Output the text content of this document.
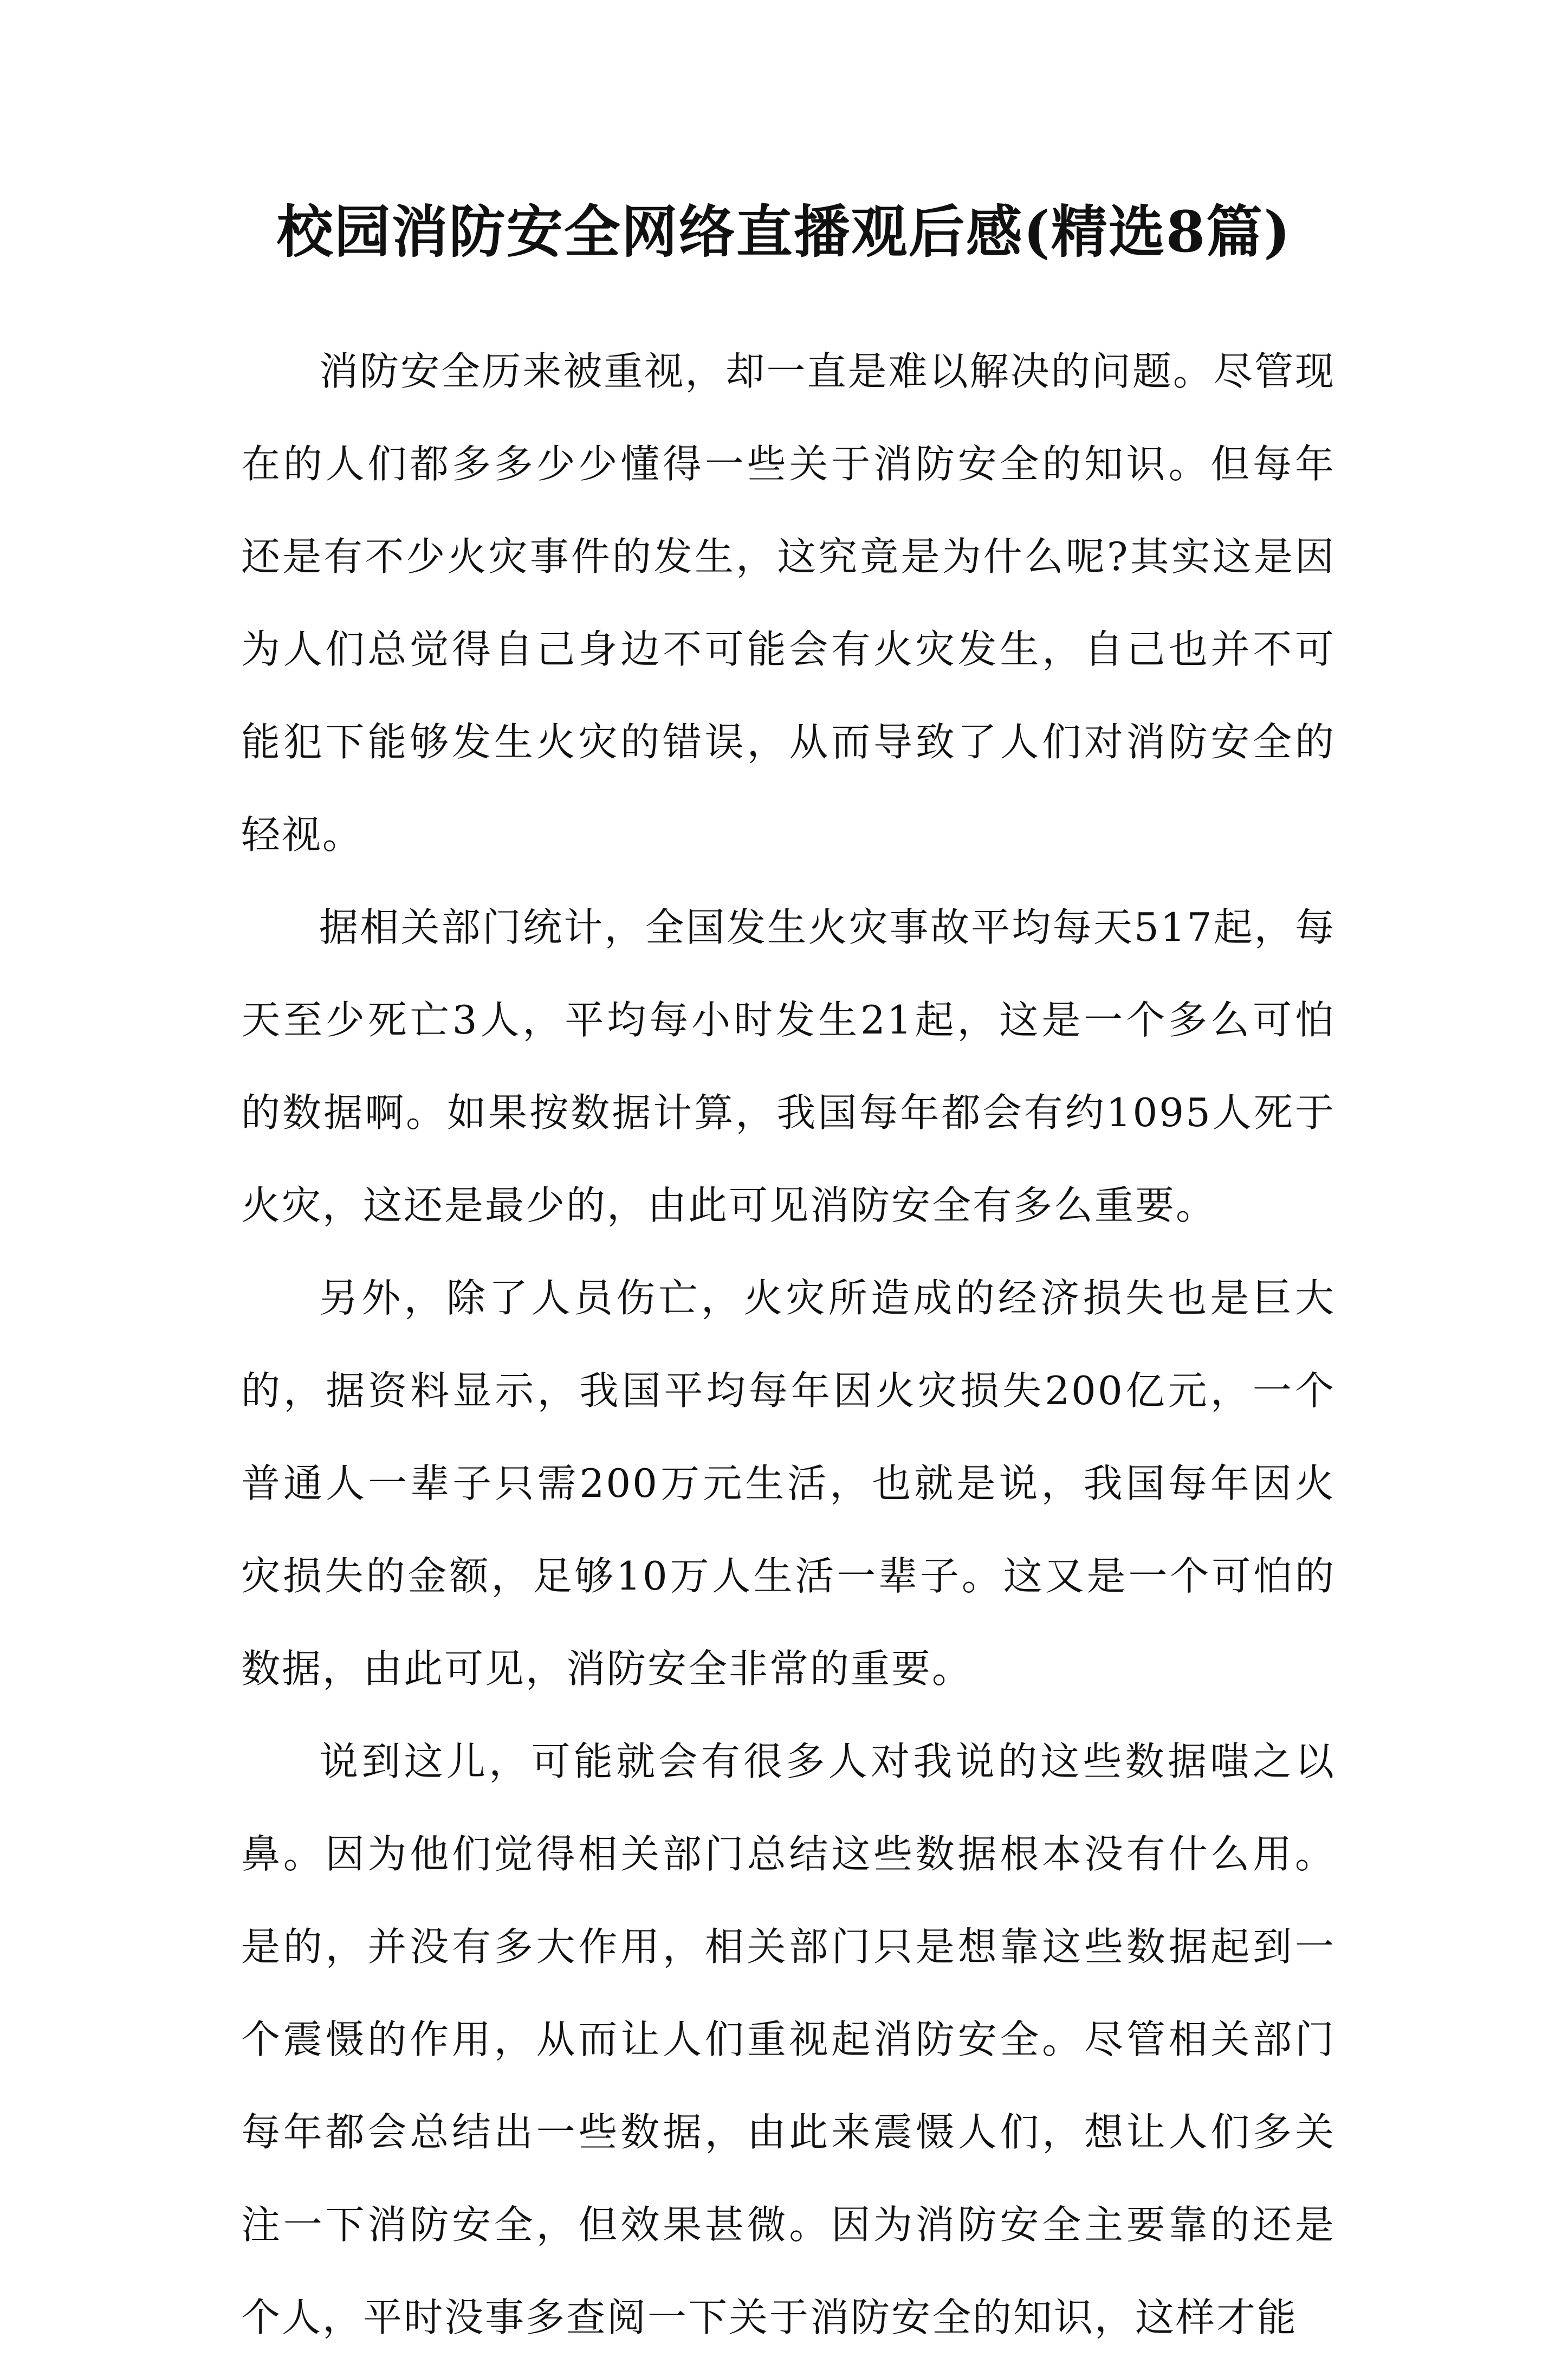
校园消防安全网络直播观后感(精选8篇)

消防安全历来被重视，却一直是难以解决的问题。尽管现在的人们都多多少少懂得一些关于消防安全的知识。但每年还是有不少火灾事件的发生，这究竟是为什么呢?其实这是因为人们总觉得自己身边不可能会有火灾发生，自己也并不可能犯下能够发生火灾的错误，从而导致了人们对消防安全的轻视。

据相关部门统计，全国发生火灾事故平均每天517起，每天至少死亡3人，平均每小时发生21起，这是一个多么可怕的数据啊。如果按数据计算，我国每年都会有约1095人死于火灾，这还是最少的，由此可见消防安全有多么重要。

另外，除了人员伤亡，火灾所造成的经济损失也是巨大的，据资料显示，我国平均每年因火灾损失200亿元，一个普通人一辈子只需200万元生活，也就是说，我国每年因火灾损失的金额，足够10万人生活一辈子。这又是一个可怕的数据，由此可见，消防安全非常的重要。

说到这儿，可能就会有很多人对我说的这些数据嗤之以鼻。因为他们觉得相关部门总结这些数据根本没有什么用。是的，并没有多大作用，相关部门只是想靠这些数据起到一个震慑的作用，从而让人们重视起消防安全。尽管相关部门每年都会总结出一些数据，由此来震慑人们，想让人们多关注一下消防安全，但效果甚微。因为消防安全主要靠的还是个人，平时没事多查阅一下关于消防安全的知识，这样才能
